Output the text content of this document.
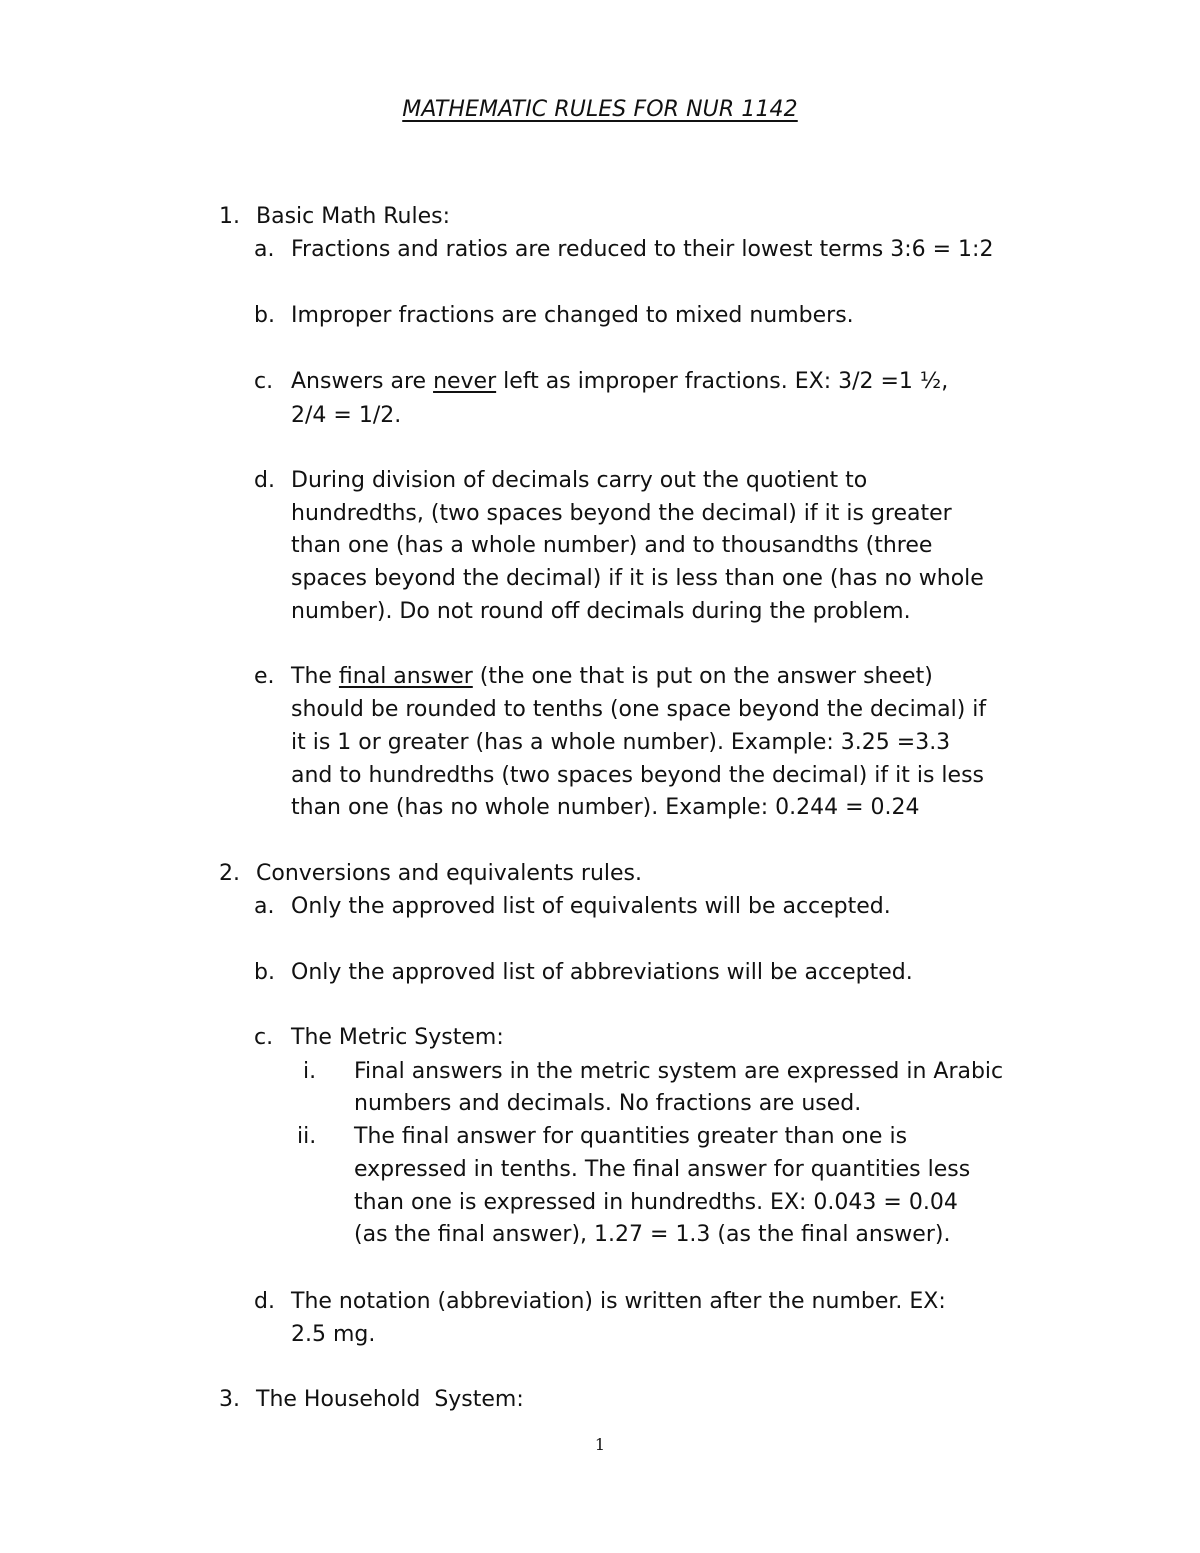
MATHEMATIC RULES FOR NUR 1142
1. Basic Math Rules:
a. Fractions and ratios are reduced to their lowest terms 3:6 = 1:2
b. Improper fractions are changed to mixed numbers.
c. Answers are never left as improper fractions. EX: 3/2 =1 ½,
2/4 = 1/2.
d. During division of decimals carry out the quotient to
hundredths, (two spaces beyond the decimal) if it is greater
than one (has a whole number) and to thousandths (three
spaces beyond the decimal) if it is less than one (has no whole
number). Do not round off decimals during the problem.
e. The final answer (the one that is put on the answer sheet)
should be rounded to tenths (one space beyond the decimal) if
it is 1 or greater (has a whole number). Example: 3.25 =3.3
and to hundredths (two spaces beyond the decimal) if it is less
than one (has no whole number). Example: 0.244 = 0.24
2. Conversions and equivalents rules.
a. Only the approved list of equivalents will be accepted.
b. Only the approved list of abbreviations will be accepted.
c. The Metric System:
i. Final answers in the metric system are expressed in Arabic
numbers and decimals. No fractions are used.
ii. The final answer for quantities greater than one is
expressed in tenths. The final answer for quantities less
than one is expressed in hundredths. EX: 0.043 = 0.04
(as the final answer), 1.27 = 1.3 (as the final answer).
d. The notation (abbreviation) is written after the number. EX:
2.5 mg.
3. The Household  System:
1
